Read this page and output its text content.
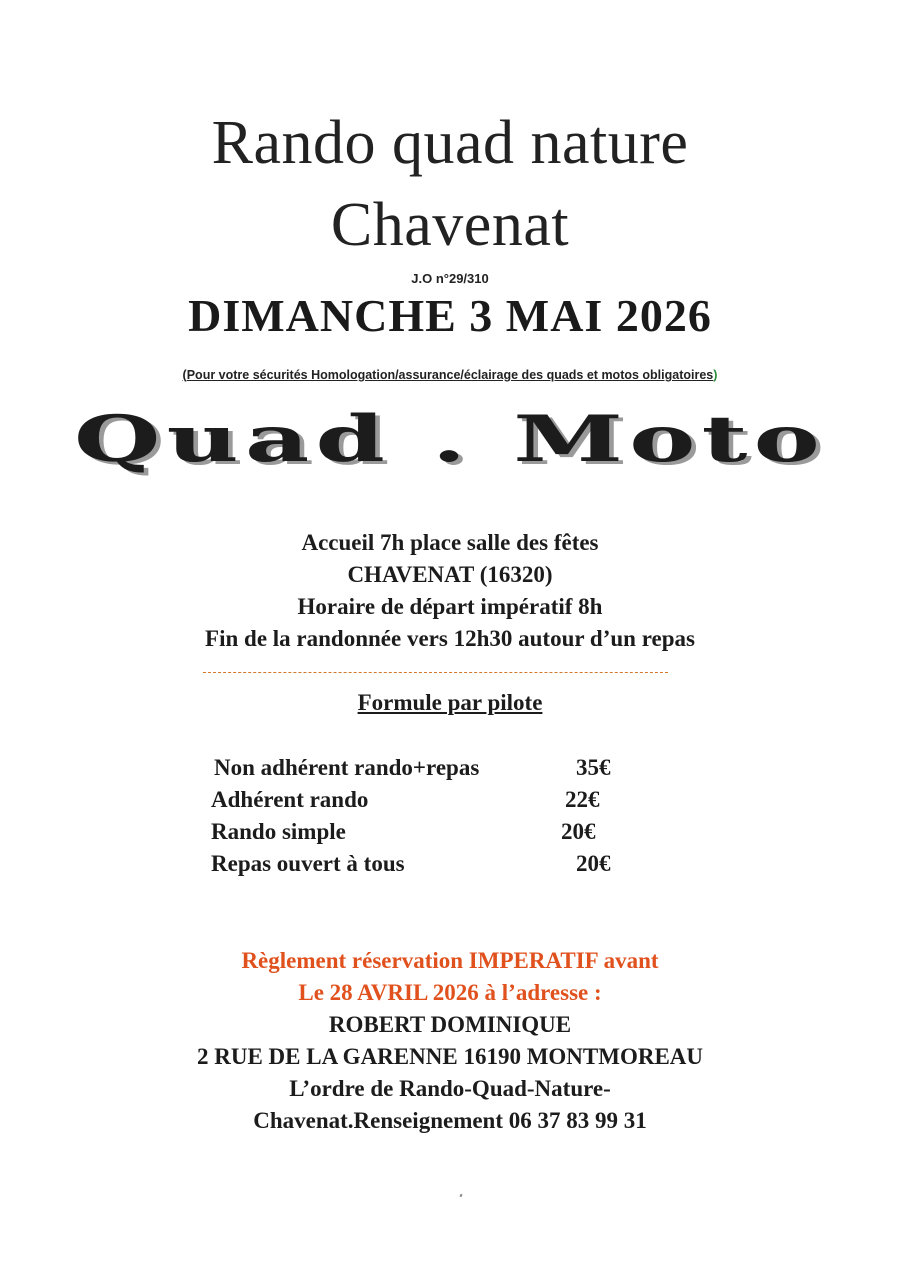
Rando quad nature
Chavenat
J.O n°29/310
DIMANCHE 3 MAI 2026
(Pour votre sécurités Homologation/assurance/éclairage des quads et motos obligatoires)
Quad . Moto
Accueil 7h place salle des fêtes
CHAVENAT (16320)
Horaire de départ impératif 8h
Fin de la randonnée vers 12h30 autour d’un repas
Formule par pilote
Non adhérent rando+repas	35€
Adhérent rando	22€
Rando simple	20€
Repas ouvert à tous	20€
Règlement réservation IMPERATIF avant
Le 28 AVRIL 2026 à l’adresse :
ROBERT DOMINIQUE
2 RUE DE LA GARENNE 16190 MONTMOREAU
L’ordre de Rando-Quad-Nature-
Chavenat.Renseignement 06 37 83 99 31
